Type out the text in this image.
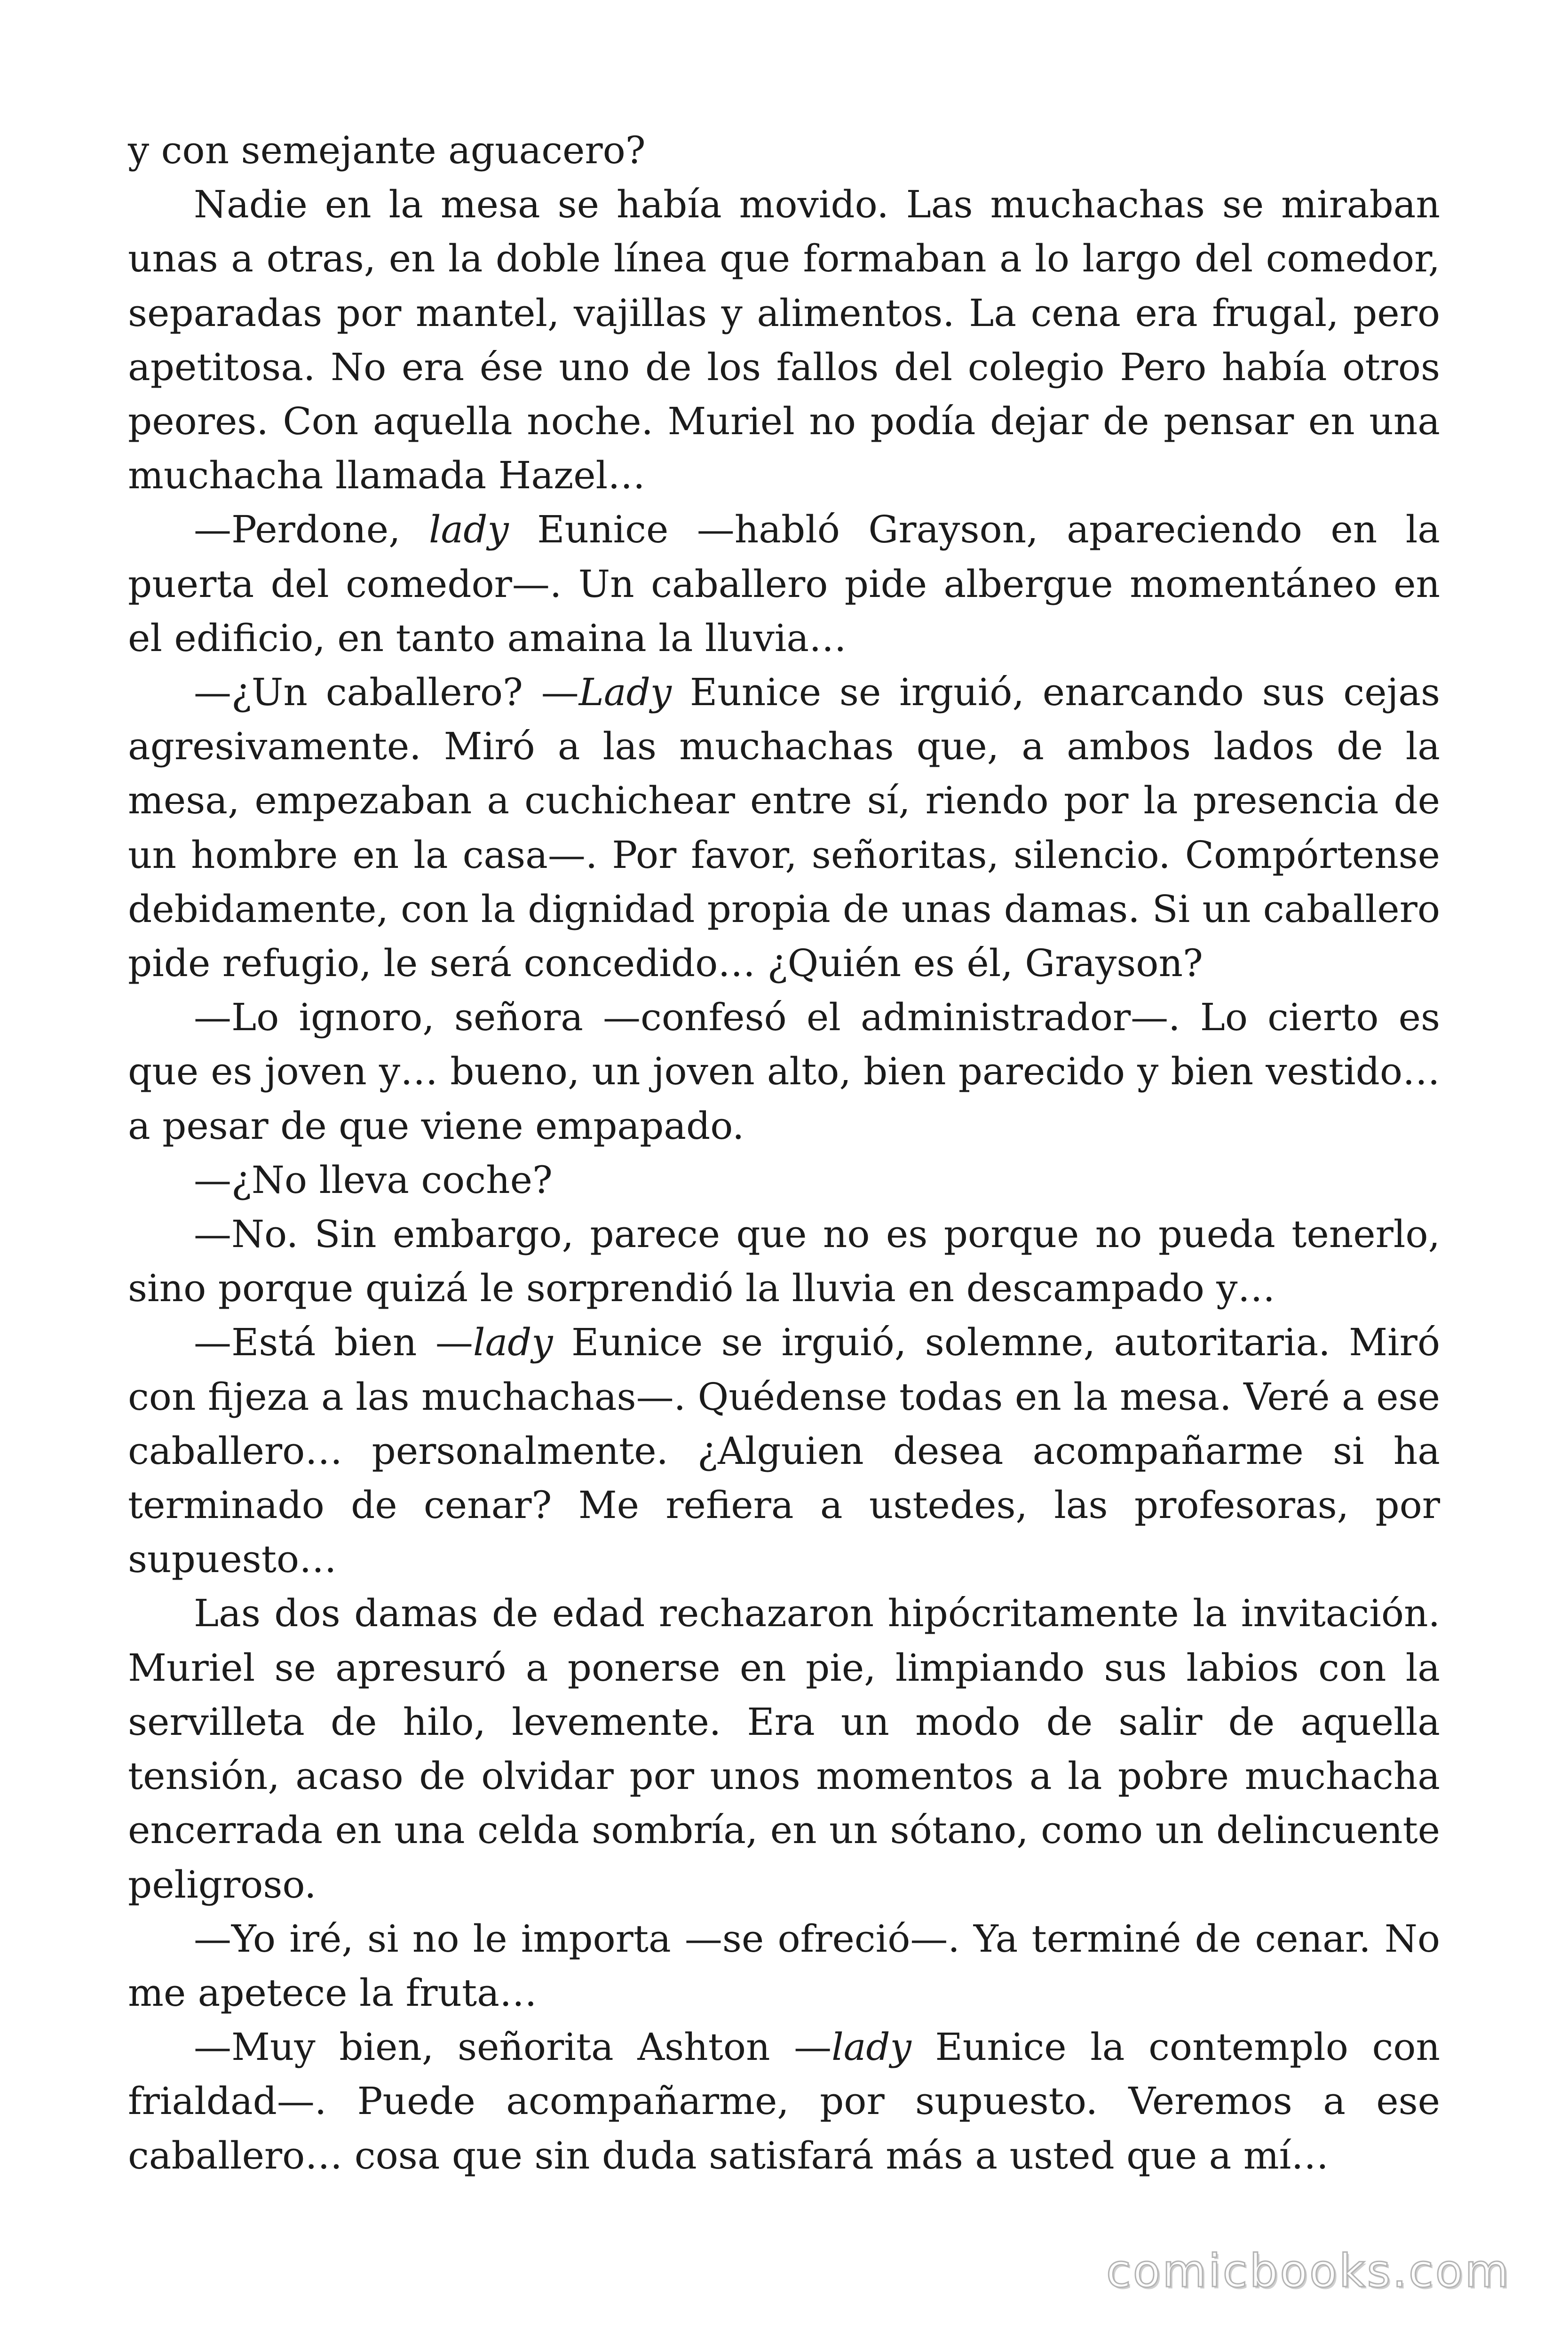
y con semejante aguacero?

Nadie en la mesa se había movido. Las muchachas se miraban unas a otras, en la doble línea que formaban a lo largo del comedor, separadas por mantel, vajillas y alimentos. La cena era frugal, pero apetitosa. No era ése uno de los fallos del colegio Pero había otros peores. Con aquella noche. Muriel no podía dejar de pensar en una muchacha llamada Hazel…

—Perdone, lady Eunice —habló Grayson, apareciendo en la puerta del comedor—. Un caballero pide albergue momentáneo en el edificio, en tanto amaina la lluvia…

—¿Un caballero? —Lady Eunice se irguió, enarcando sus cejas agresivamente. Miró a las muchachas que, a ambos lados de la mesa, empezaban a cuchichear entre sí, riendo por la presencia de un hombre en la casa—. Por favor, señoritas, silencio. Compórtense debidamente, con la dignidad propia de unas damas. Si un caballero pide refugio, le será concedido… ¿Quién es él, Grayson?

—Lo ignoro, señora —confesó el administrador—. Lo cierto es que es joven y… bueno, un joven alto, bien parecido y bien vestido… a pesar de que viene empapado.

—¿No lleva coche?

—No. Sin embargo, parece que no es porque no pueda tenerlo, sino porque quizá le sorprendió la lluvia en descampado y…

—Está bien —lady Eunice se irguió, solemne, autoritaria. Miró con fijeza a las muchachas—. Quédense todas en la mesa. Veré a ese caballero… personalmente. ¿Alguien desea acompañarme si ha terminado de cenar? Me refiera a ustedes, las profesoras, por supuesto…

Las dos damas de edad rechazaron hipócritamente la invitación. Muriel se apresuró a ponerse en pie, limpiando sus labios con la servilleta de hilo, levemente. Era un modo de salir de aquella tensión, acaso de olvidar por unos momentos a la pobre muchacha encerrada en una celda sombría, en un sótano, como un delincuente peligroso.

—Yo iré, si no le importa —se ofreció—. Ya terminé de cenar. No me apetece la fruta…

—Muy bien, señorita Ashton —lady Eunice la contemplo con frialdad—. Puede acompañarme, por supuesto. Veremos a ese caballero… cosa que sin duda satisfará más a usted que a mí…

comicbooks.com
